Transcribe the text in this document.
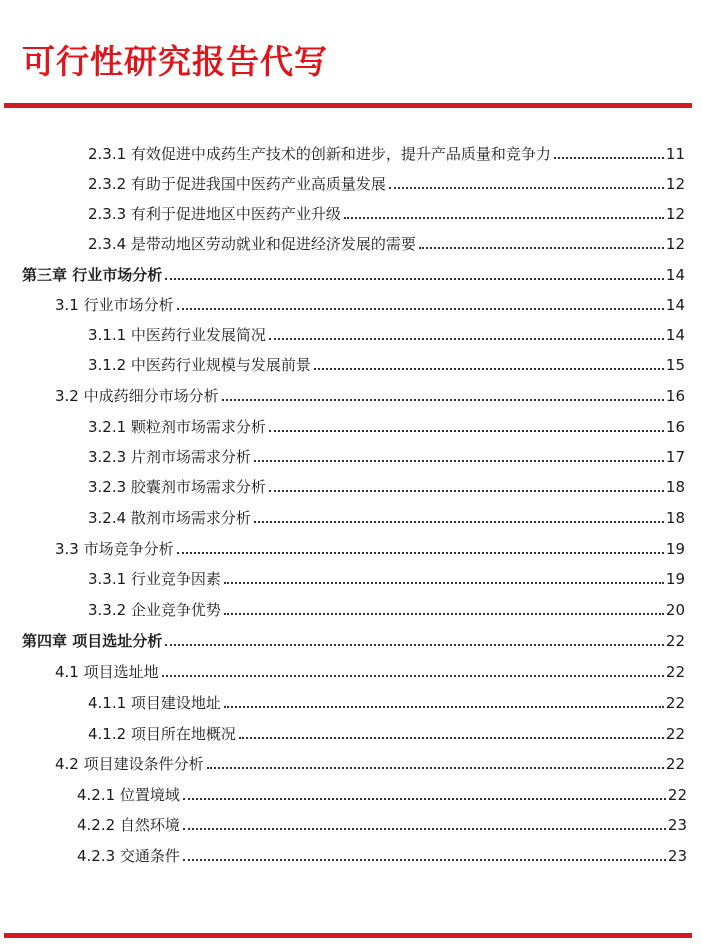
可行性研究报告代写
2.3.1 有效促进中成药生产技术的创新和进步，提升产品质量和竞争力	11
2.3.2 有助于促进我国中医药产业高质量发展	12
2.3.3 有利于促进地区中医药产业升级	12
2.3.4 是带动地区劳动就业和促进经济发展的需要	12
第三章 行业市场分析	14
3.1 行业市场分析	14
3.1.1 中医药行业发展简况	14
3.1.2 中医药行业规模与发展前景	15
3.2 中成药细分市场分析	16
3.2.1 颗粒剂市场需求分析	16
3.2.3 片剂市场需求分析	17
3.2.3 胶囊剂市场需求分析	18
3.2.4 散剂市场需求分析	18
3.3 市场竞争分析	19
3.3.1 行业竞争因素	19
3.3.2 企业竞争优势	20
第四章 项目选址分析	22
4.1 项目选址地	22
4.1.1 项目建设地址	22
4.1.2 项目所在地概况	22
4.2 项目建设条件分析	22
4.2.1 位置境域	22
4.2.2 自然环境	23
4.2.3 交通条件	23
